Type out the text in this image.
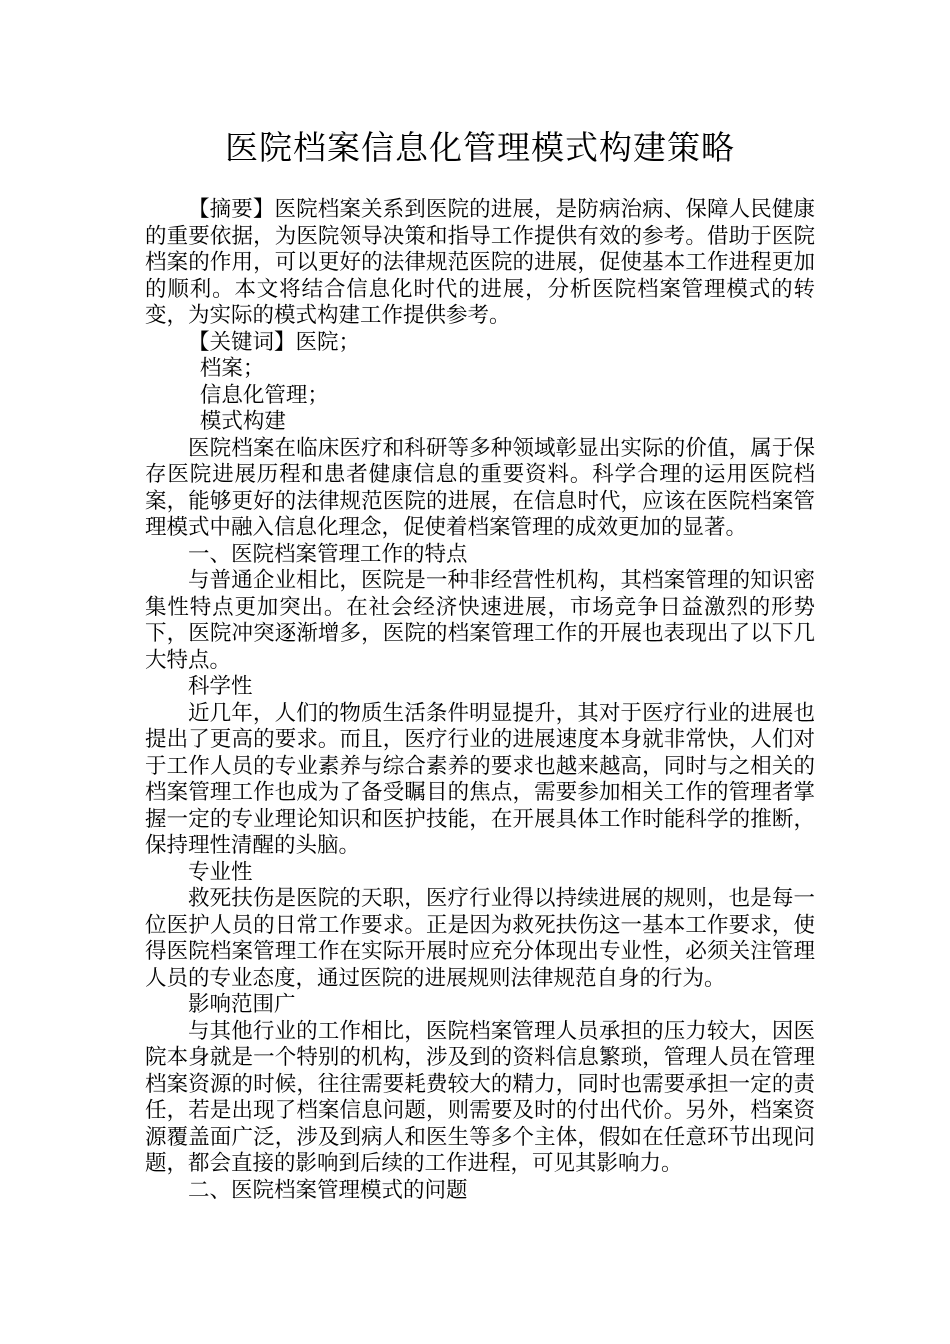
医院档案信息化管理模式构建策略

【摘要】医院档案关系到医院的进展，是防病治病、保障人民健康的重要依据，为医院领导决策和指导工作提供有效的参考。借助于医院档案的作用，可以更好的法律规范医院的进展，促使基本工作进程更加的顺利。本文将结合信息化时代的进展，分析医院档案管理模式的转变，为实际的模式构建工作提供参考。

【关键词】医院；

档案；

信息化管理；

模式构建

医院档案在临床医疗和科研等多种领域彰显出实际的价值，属于保存医院进展历程和患者健康信息的重要资料。科学合理的运用医院档案，能够更好的法律规范医院的进展，在信息时代，应该在医院档案管理模式中融入信息化理念，促使着档案管理的成效更加的显著。

一、医院档案管理工作的特点

与普通企业相比，医院是一种非经营性机构，其档案管理的知识密集性特点更加突出。在社会经济快速进展，市场竞争日益激烈的形势下，医院冲突逐渐增多，医院的档案管理工作的开展也表现出了以下几大特点。

科学性

近几年，人们的物质生活条件明显提升，其对于医疗行业的进展也提出了更高的要求。而且，医疗行业的进展速度本身就非常快，人们对于工作人员的专业素养与综合素养的要求也越来越高，同时与之相关的档案管理工作也成为了备受瞩目的焦点，需要参加相关工作的管理者掌握一定的专业理论知识和医护技能，在开展具体工作时能科学的推断，保持理性清醒的头脑。

专业性

救死扶伤是医院的天职，医疗行业得以持续进展的规则，也是每一位医护人员的日常工作要求。正是因为救死扶伤这一基本工作要求，使得医院档案管理工作在实际开展时应充分体现出专业性，必须关注管理人员的专业态度，通过医院的进展规则法律规范自身的行为。

影响范围广

与其他行业的工作相比，医院档案管理人员承担的压力较大，因医院本身就是一个特别的机构，涉及到的资料信息繁琐，管理人员在管理档案资源的时候，往往需要耗费较大的精力，同时也需要承担一定的责任，若是出现了档案信息问题，则需要及时的付出代价。另外，档案资源覆盖面广泛，涉及到病人和医生等多个主体，假如在任意环节出现问题，都会直接的影响到后续的工作进程，可见其影响力。

二、医院档案管理模式的问题
